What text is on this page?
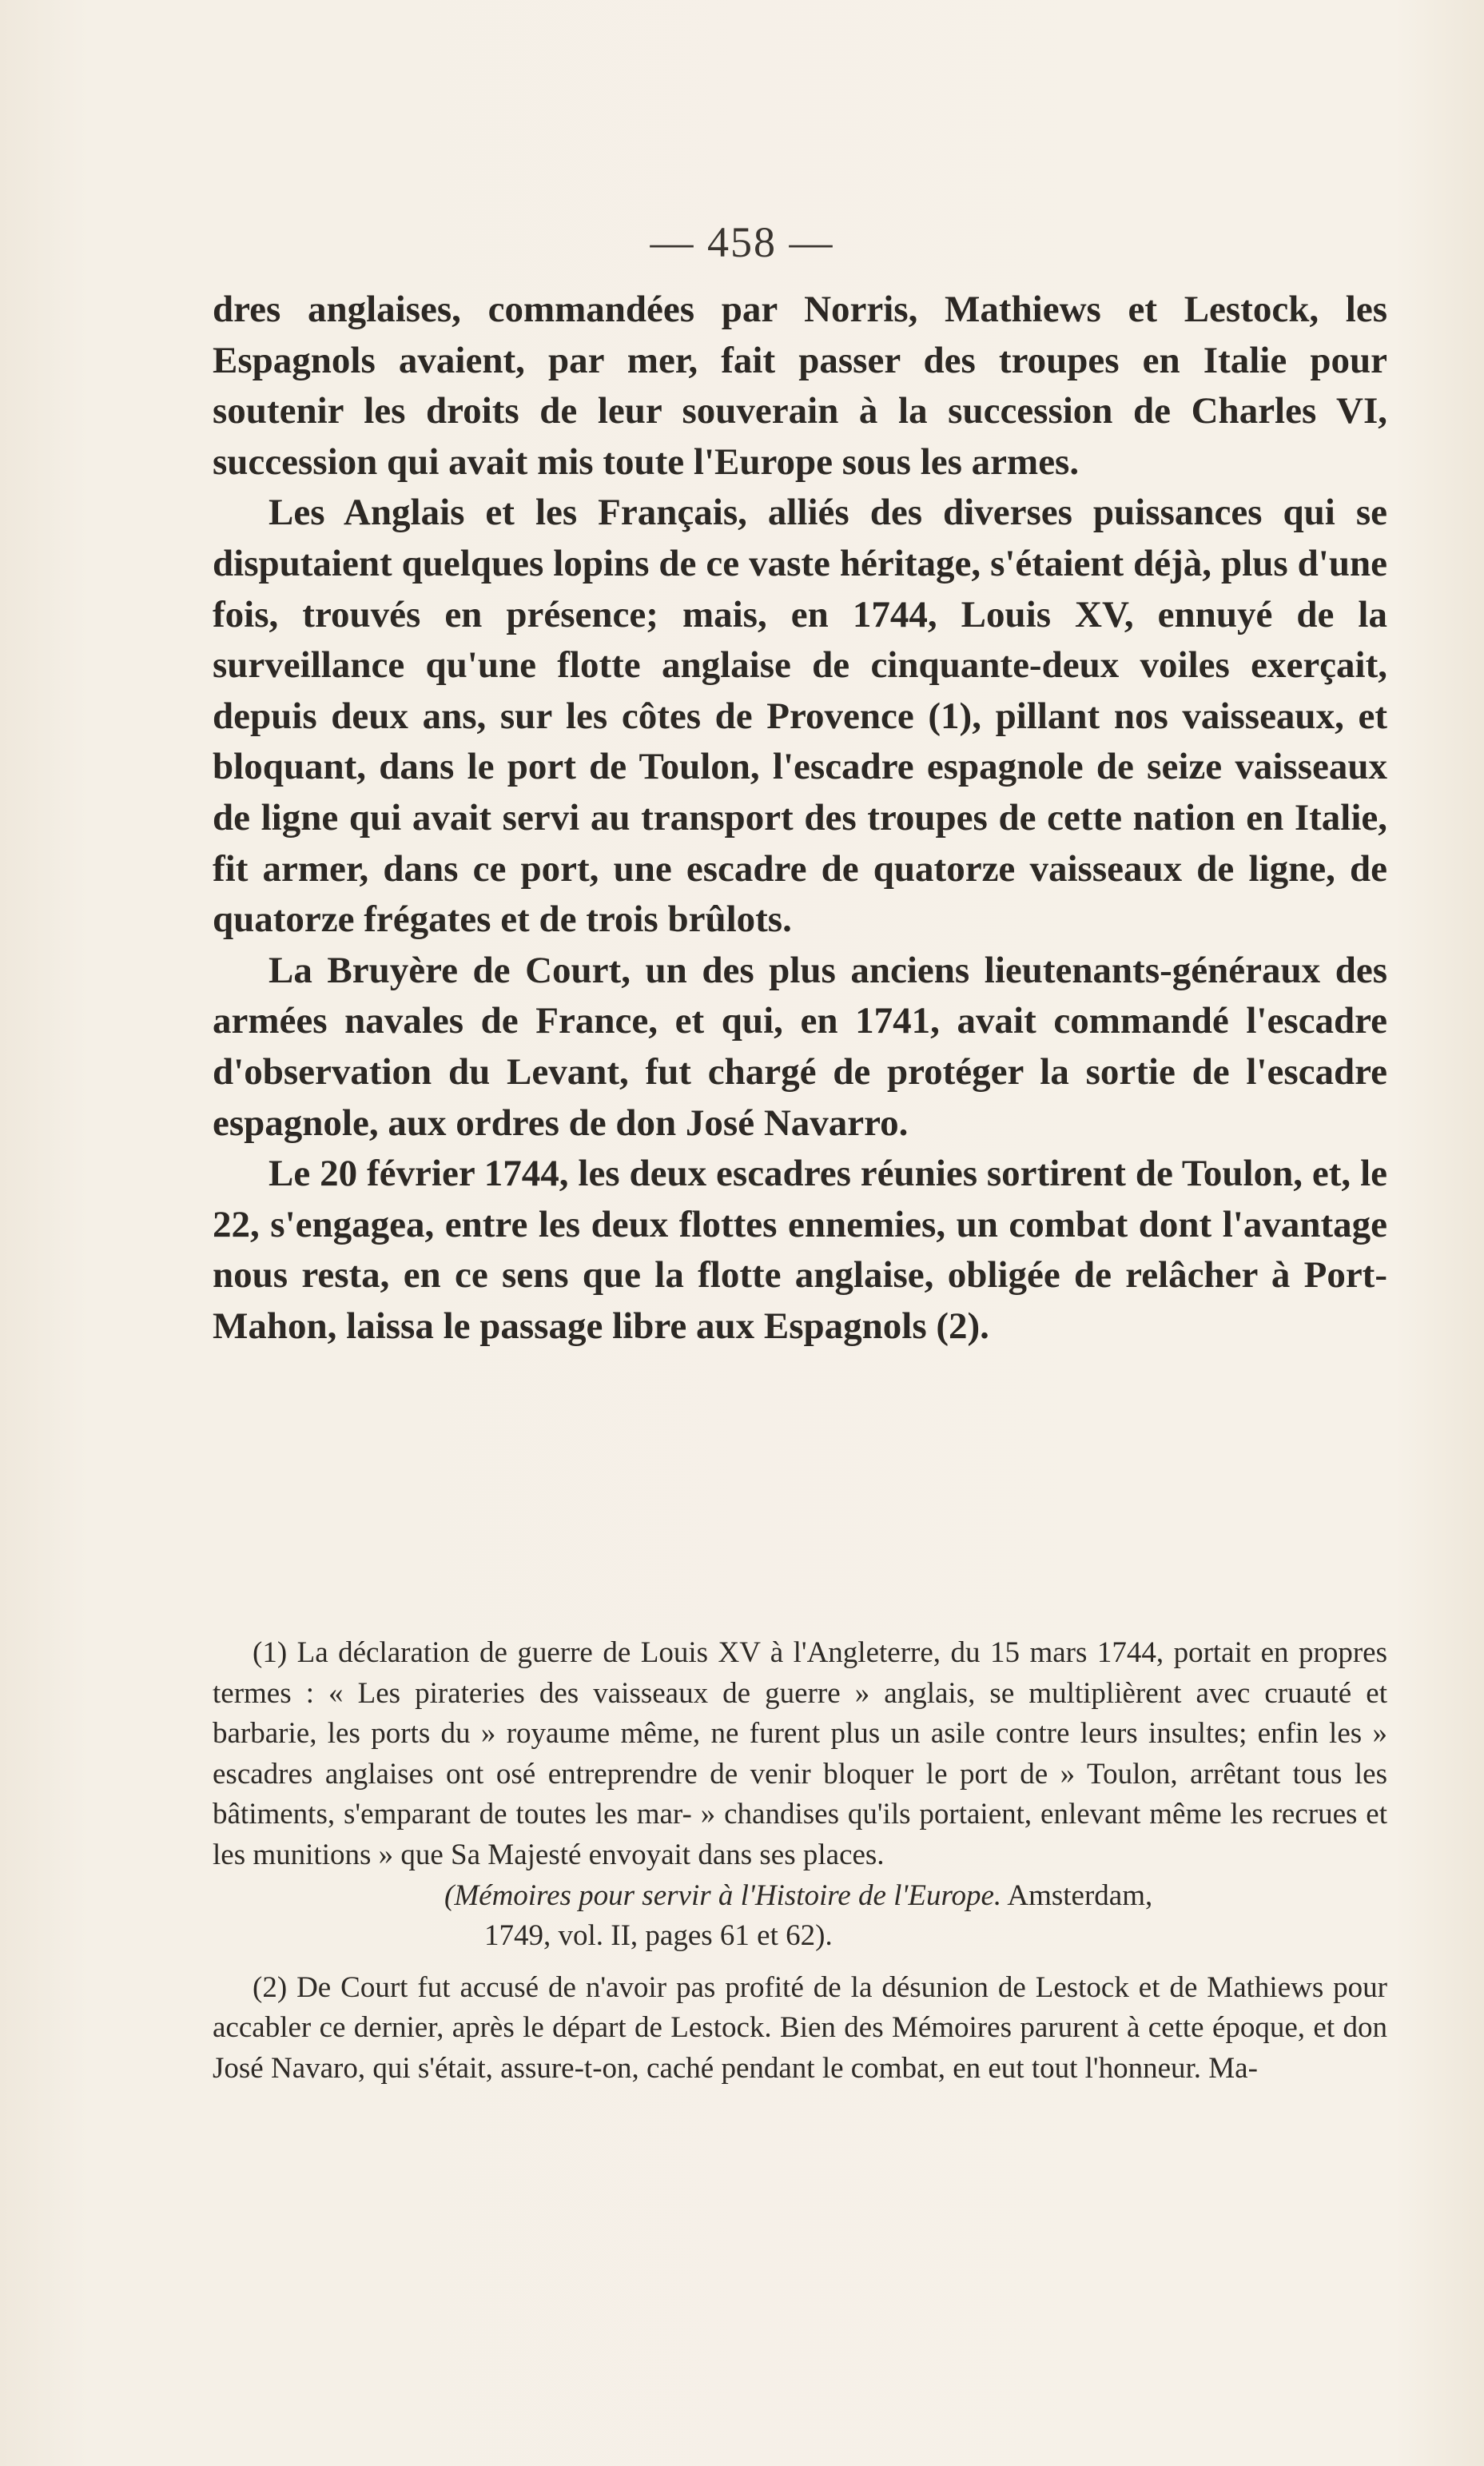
— 458 —

dres anglaises, commandées par Norris, Mathiews et Lestock, les Espagnols avaient, par mer, fait passer des troupes en Italie pour soutenir les droits de leur souverain à la succession de Charles VI, succession qui avait mis toute l'Europe sous les armes.

Les Anglais et les Français, alliés des diverses puissances qui se disputaient quelques lopins de ce vaste héritage, s'étaient déjà, plus d'une fois, trouvés en présence; mais, en 1744, Louis XV, ennuyé de la surveillance qu'une flotte anglaise de cinquante-deux voiles exerçait, depuis deux ans, sur les côtes de Provence (1), pillant nos vaisseaux, et bloquant, dans le port de Toulon, l'escadre espagnole de seize vaisseaux de ligne qui avait servi au transport des troupes de cette nation en Italie, fit armer, dans ce port, une escadre de quatorze vaisseaux de ligne, de quatorze frégates et de trois brûlots.

La Bruyère de Court, un des plus anciens lieutenants-généraux des armées navales de France, et qui, en 1741, avait commandé l'escadre d'observation du Levant, fut chargé de protéger la sortie de l'escadre espagnole, aux ordres de don José Navarro.

Le 20 février 1744, les deux escadres réunies sortirent de Toulon, et, le 22, s'engagea, entre les deux flottes ennemies, un combat dont l'avantage nous resta, en ce sens que la flotte anglaise, obligée de relâcher à Port-Mahon, laissa le passage libre aux Espagnols (2).

(1) La déclaration de guerre de Louis XV à l'Angleterre, du 15 mars 1744, portait en propres termes : « Les pirateries des vaisseaux de guerre » anglais, se multiplièrent avec cruauté et barbarie, les ports du » royaume même, ne furent plus un asile contre leurs insultes; enfin les » escadres anglaises ont osé entreprendre de venir bloquer le port de » Toulon, arrêtant tous les bâtiments, s'emparant de toutes les mar- » chandises qu'ils portaient, enlevant même les recrues et les munitions » que Sa Majesté envoyait dans ses places.
(Mémoires pour servir à l'Histoire de l'Europe. Amsterdam,
1749, vol. II, pages 61 et 62).

(2) De Court fut accusé de n'avoir pas profité de la désunion de Lestock et de Mathiews pour accabler ce dernier, après le départ de Lestock. Bien des Mémoires parurent à cette époque, et don José Navaro, qui s'était, assure-t-on, caché pendant le combat, en eut tout l'honneur. Ma-
